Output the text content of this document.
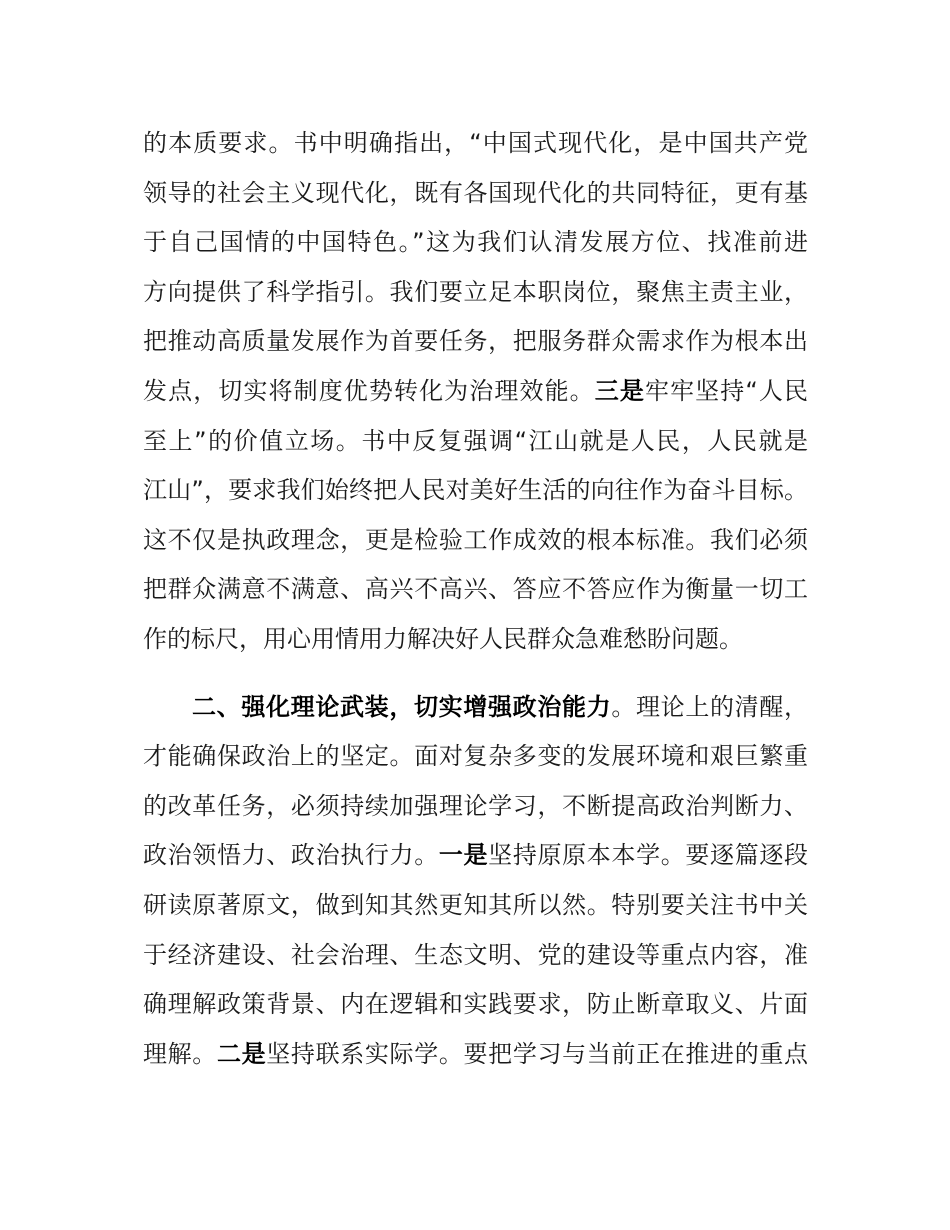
的本质要求。书中明确指出，“中国式现代化，是中国共产党
领导的社会主义现代化，既有各国现代化的共同特征，更有基
于自己国情的中国特色。”这为我们认清发展方位、找准前进
方向提供了科学指引。我们要立足本职岗位，聚焦主责主业，
把推动高质量发展作为首要任务，把服务群众需求作为根本出
发点，切实将制度优势转化为治理效能。三是牢牢坚持“人民
至上”的价值立场。书中反复强调“江山就是人民，人民就是
江山”，要求我们始终把人民对美好生活的向往作为奋斗目标。
这不仅是执政理念，更是检验工作成效的根本标准。我们必须
把群众满意不满意、高兴不高兴、答应不答应作为衡量一切工
作的标尺，用心用情用力解决好人民群众急难愁盼问题。
二、强化理论武装，切实增强政治能力。理论上的清醒，
才能确保政治上的坚定。面对复杂多变的发展环境和艰巨繁重
的改革任务，必须持续加强理论学习，不断提高政治判断力、
政治领悟力、政治执行力。一是坚持原原本本学。要逐篇逐段
研读原著原文，做到知其然更知其所以然。特别要关注书中关
于经济建设、社会治理、生态文明、党的建设等重点内容，准
确理解政策背景、内在逻辑和实践要求，防止断章取义、片面
理解。二是坚持联系实际学。要把学习与当前正在推进的重点
